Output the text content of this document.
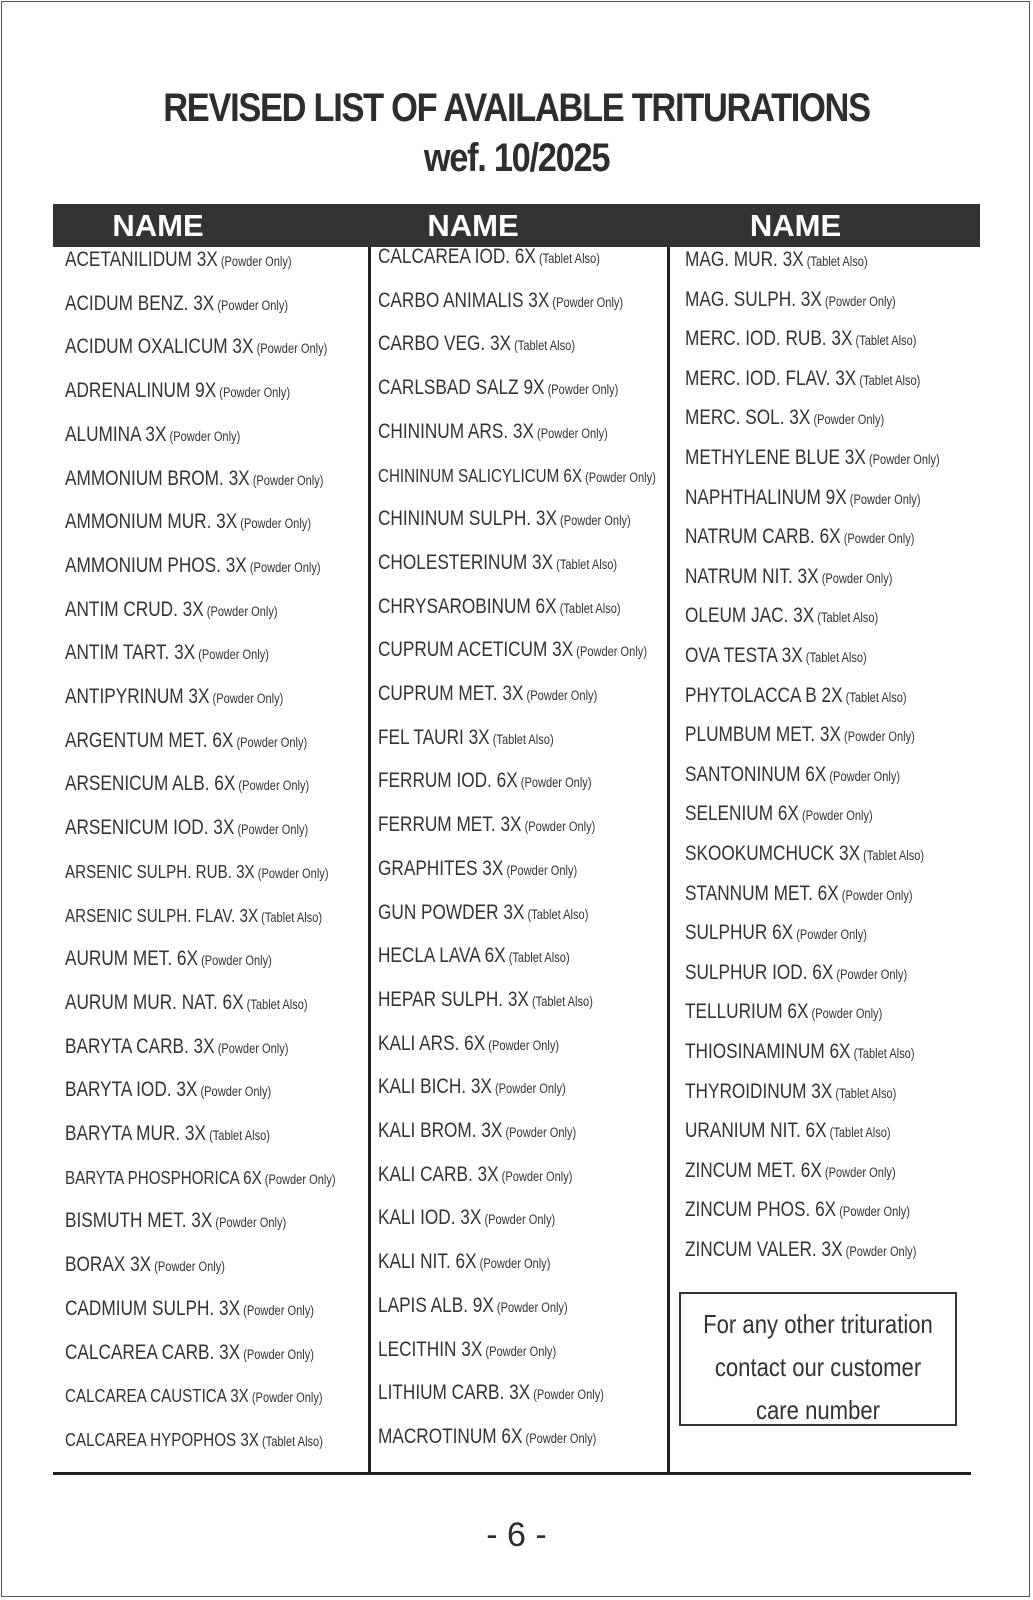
REVISED LIST OF AVAILABLE TRITURATIONS
wef. 10/2025
NAME	NAME	NAME
ACETANILIDUM 3X (Powder Only)
ACIDUM BENZ. 3X (Powder Only)
ACIDUM OXALICUM 3X (Powder Only)
ADRENALINUM 9X (Powder Only)
ALUMINA 3X (Powder Only)
AMMONIUM BROM. 3X (Powder Only)
AMMONIUM MUR. 3X (Powder Only)
AMMONIUM PHOS. 3X (Powder Only)
ANTIM CRUD. 3X (Powder Only)
ANTIM TART. 3X (Powder Only)
ANTIPYRINUM 3X (Powder Only)
ARGENTUM MET. 6X (Powder Only)
ARSENICUM ALB. 6X (Powder Only)
ARSENICUM IOD. 3X (Powder Only)
ARSENIC SULPH. RUB. 3X (Powder Only)
ARSENIC SULPH. FLAV. 3X (Tablet Also)
AURUM MET. 6X (Powder Only)
AURUM MUR. NAT. 6X (Tablet Also)
BARYTA CARB. 3X (Powder Only)
BARYTA IOD. 3X (Powder Only)
BARYTA MUR. 3X (Tablet Also)
BARYTA PHOSPHORICA 6X (Powder Only)
BISMUTH MET. 3X (Powder Only)
BORAX 3X (Powder Only)
CADMIUM SULPH. 3X (Powder Only)
CALCAREA CARB. 3X (Powder Only)
CALCAREA CAUSTICA 3X (Powder Only)
CALCAREA HYPOPHOS 3X (Tablet Also)
CALCAREA IOD. 6X (Tablet Also)
CARBO ANIMALIS 3X (Powder Only)
CARBO VEG. 3X (Tablet Also)
CARLSBAD SALZ 9X (Powder Only)
CHININUM ARS. 3X (Powder Only)
CHININUM SALICYLICUM 6X (Powder Only)
CHININUM SULPH. 3X (Powder Only)
CHOLESTERINUM 3X (Tablet Also)
CHRYSAROBINUM 6X (Tablet Also)
CUPRUM ACETICUM 3X (Powder Only)
CUPRUM MET. 3X (Powder Only)
FEL TAURI 3X (Tablet Also)
FERRUM IOD. 6X (Powder Only)
FERRUM MET. 3X (Powder Only)
GRAPHITES 3X (Powder Only)
GUN POWDER 3X (Tablet Also)
HECLA LAVA 6X (Tablet Also)
HEPAR SULPH. 3X (Tablet Also)
KALI ARS. 6X (Powder Only)
KALI BICH. 3X (Powder Only)
KALI BROM. 3X (Powder Only)
KALI CARB. 3X (Powder Only)
KALI IOD. 3X (Powder Only)
KALI NIT. 6X (Powder Only)
LAPIS ALB. 9X (Powder Only)
LECITHIN 3X (Powder Only)
LITHIUM CARB. 3X (Powder Only)
MACROTINUM 6X (Powder Only)
MAG. MUR. 3X (Tablet Also)
MAG. SULPH. 3X (Powder Only)
MERC. IOD. RUB. 3X (Tablet Also)
MERC. IOD. FLAV. 3X (Tablet Also)
MERC. SOL. 3X (Powder Only)
METHYLENE BLUE 3X (Powder Only)
NAPHTHALINUM 9X (Powder Only)
NATRUM CARB. 6X (Powder Only)
NATRUM NIT. 3X (Powder Only)
OLEUM JAC. 3X (Tablet Also)
OVA TESTA 3X (Tablet Also)
PHYTOLACCA B 2X (Tablet Also)
PLUMBUM MET. 3X (Powder Only)
SANTONINUM 6X (Powder Only)
SELENIUM 6X (Powder Only)
SKOOKUMCHUCK 3X (Tablet Also)
STANNUM MET. 6X (Powder Only)
SULPHUR 6X (Powder Only)
SULPHUR IOD. 6X (Powder Only)
TELLURIUM 6X (Powder Only)
THIOSINAMINUM 6X (Tablet Also)
THYROIDINUM 3X (Tablet Also)
URANIUM NIT. 6X (Tablet Also)
ZINCUM MET. 6X (Powder Only)
ZINCUM PHOS. 6X (Powder Only)
ZINCUM VALER. 3X (Powder Only)
For any other trituration
contact our customer
care number
- 6 -
